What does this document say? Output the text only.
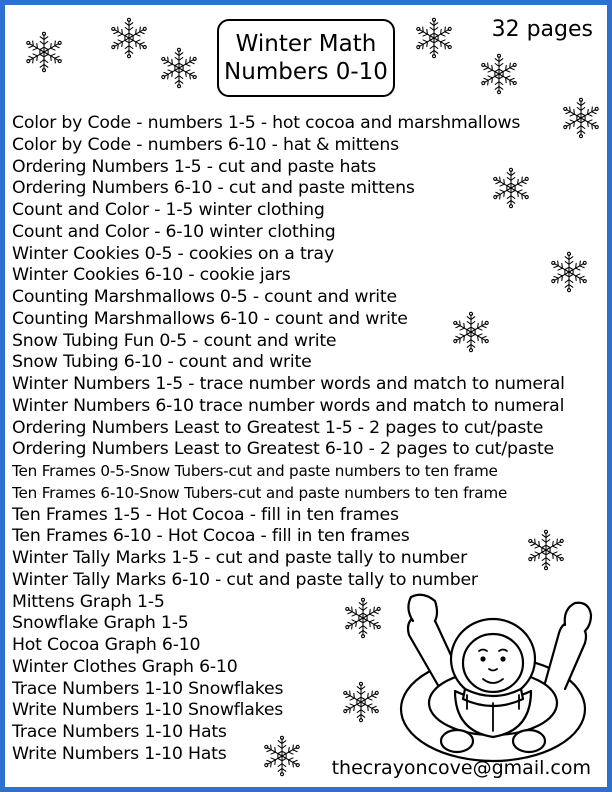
Winter Math
Numbers 0-10
32 pages
Color by Code - numbers 1-5 - hot cocoa and marshmallows
Color by Code - numbers 6-10 - hat & mittens
Ordering Numbers 1-5 - cut and paste hats
Ordering Numbers 6-10 - cut and paste mittens
Count and Color - 1-5 winter clothing
Count and Color - 6-10 winter clothing
Winter Cookies 0-5 - cookies on a tray
Winter Cookies 6-10 - cookie jars
Counting Marshmallows 0-5 - count and write
Counting Marshmallows 6-10 - count and write
Snow Tubing Fun 0-5 - count and write
Snow Tubing 6-10 - count and write
Winter Numbers 1-5 - trace number words and match to numeral
Winter Numbers 6-10 trace number words and match to numeral
Ordering Numbers Least to Greatest 1-5 - 2 pages to cut/paste
Ordering Numbers Least to Greatest 6-10 - 2 pages to cut/paste
Ten Frames 0-5-Snow Tubers-cut and paste numbers to ten frame
Ten Frames 6-10-Snow Tubers-cut and paste numbers to ten frame
Ten Frames 1-5 - Hot Cocoa - fill in ten frames
Ten Frames 6-10 - Hot Cocoa - fill in ten frames
Winter Tally Marks 1-5 - cut and paste tally to number
Winter Tally Marks 6-10 - cut and paste tally to number
Mittens Graph 1-5
Snowflake Graph 1-5
Hot Cocoa Graph 6-10
Winter Clothes Graph 6-10
Trace Numbers 1-10 Snowflakes
Write Numbers 1-10 Snowflakes
Trace Numbers 1-10 Hats
Write Numbers 1-10 Hats
thecrayoncove@gmail.com
